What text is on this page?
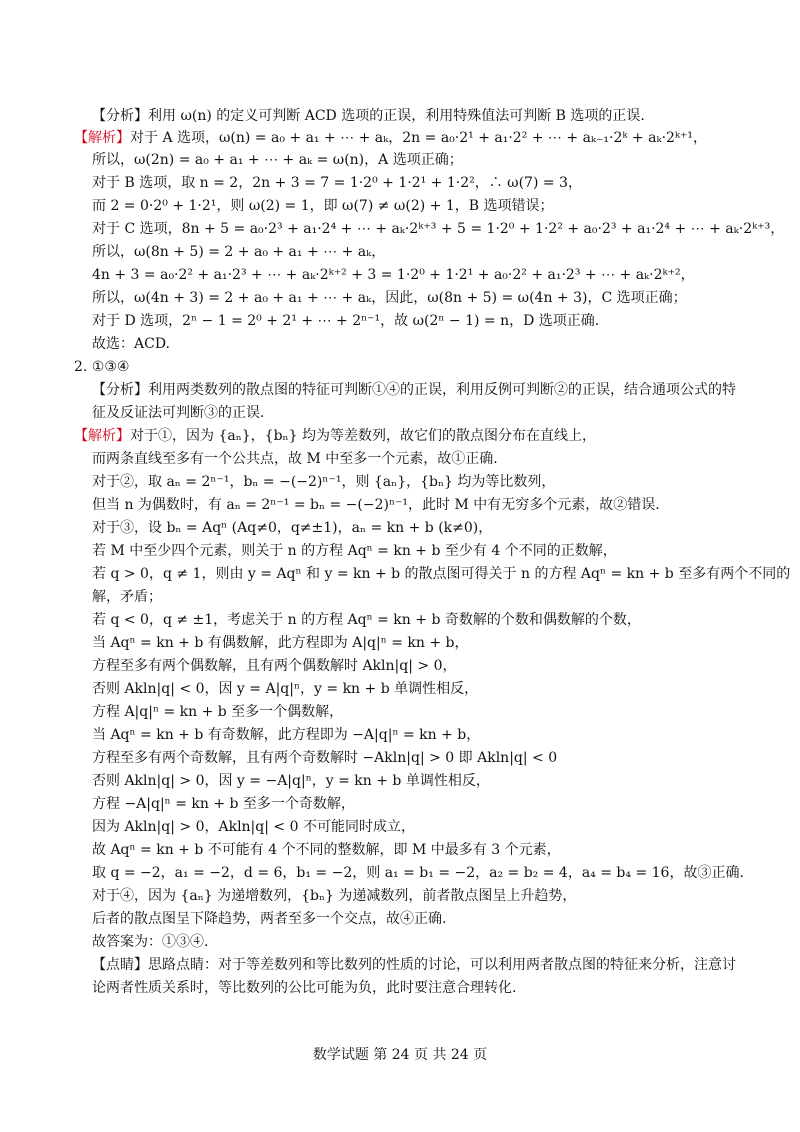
【分析】利用 ω(n) 的定义可判断 ACD 选项的正误，利用特殊值法可判断 B 选项的正误.
【解析】对于 A 选项，ω(n) = a₀ + a₁ + ⋯ + aₖ，2n = a₀·2¹ + a₁·2² + ⋯ + aₖ₋₁·2ᵏ + aₖ·2ᵏ⁺¹，
所以，ω(2n) = a₀ + a₁ + ⋯ + aₖ = ω(n)，A 选项正确；
对于 B 选项，取 n = 2，2n + 3 = 7 = 1·2⁰ + 1·2¹ + 1·2²，∴ ω(7) = 3，
而 2 = 0·2⁰ + 1·2¹，则 ω(2) = 1，即 ω(7) ≠ ω(2) + 1，B 选项错误；
对于 C 选项，8n + 5 = a₀·2³ + a₁·2⁴ + ⋯ + aₖ·2ᵏ⁺³ + 5 = 1·2⁰ + 1·2² + a₀·2³ + a₁·2⁴ + ⋯ + aₖ·2ᵏ⁺³，
所以，ω(8n + 5) = 2 + a₀ + a₁ + ⋯ + aₖ，
4n + 3 = a₀·2² + a₁·2³ + ⋯ + aₖ·2ᵏ⁺² + 3 = 1·2⁰ + 1·2¹ + a₀·2² + a₁·2³ + ⋯ + aₖ·2ᵏ⁺²，
所以，ω(4n + 3) = 2 + a₀ + a₁ + ⋯ + aₖ，因此，ω(8n + 5) = ω(4n + 3)，C 选项正确；
对于 D 选项，2ⁿ − 1 = 2⁰ + 2¹ + ⋯ + 2ⁿ⁻¹，故 ω(2ⁿ − 1) = n，D 选项正确.
故选：ACD.
2. ①③④
【分析】利用两类数列的散点图的特征可判断①④的正误，利用反例可判断②的正误，结合通项公式的特
征及反证法可判断③的正误.
【解析】对于①，因为 {aₙ}，{bₙ} 均为等差数列，故它们的散点图分布在直线上，
而两条直线至多有一个公共点，故 M 中至多一个元素，故①正确.
对于②，取 aₙ = 2ⁿ⁻¹，bₙ = −(−2)ⁿ⁻¹，则 {aₙ}，{bₙ} 均为等比数列，
但当 n 为偶数时，有 aₙ = 2ⁿ⁻¹ = bₙ = −(−2)ⁿ⁻¹，此时 M 中有无穷多个元素，故②错误.
对于③，设 bₙ = Aqⁿ (Aq≠0，q≠±1)，aₙ = kn + b (k≠0)，
若 M 中至少四个元素，则关于 n 的方程 Aqⁿ = kn + b 至少有 4 个不同的正数解，
若 q > 0，q ≠ 1，则由 y = Aqⁿ 和 y = kn + b 的散点图可得关于 n 的方程 Aqⁿ = kn + b 至多有两个不同的
解，矛盾；
若 q < 0，q ≠ ±1，考虑关于 n 的方程 Aqⁿ = kn + b 奇数解的个数和偶数解的个数，
当 Aqⁿ = kn + b 有偶数解，此方程即为 A|q|ⁿ = kn + b，
方程至多有两个偶数解，且有两个偶数解时 Akln|q| > 0，
否则 Akln|q| < 0，因 y = A|q|ⁿ，y = kn + b 单调性相反，
方程 A|q|ⁿ = kn + b 至多一个偶数解，
当 Aqⁿ = kn + b 有奇数解，此方程即为 −A|q|ⁿ = kn + b，
方程至多有两个奇数解，且有两个奇数解时 −Akln|q| > 0 即 Akln|q| < 0
否则 Akln|q| > 0，因 y = −A|q|ⁿ，y = kn + b 单调性相反，
方程 −A|q|ⁿ = kn + b 至多一个奇数解，
因为 Akln|q| > 0，Akln|q| < 0 不可能同时成立，
故 Aqⁿ = kn + b 不可能有 4 个不同的整数解，即 M 中最多有 3 个元素，
取 q = −2，a₁ = −2，d = 6，b₁ = −2，则 a₁ = b₁ = −2，a₂ = b₂ = 4，a₄ = b₄ = 16，故③正确.
对于④，因为 {aₙ} 为递增数列，{bₙ} 为递减数列，前者散点图呈上升趋势，
后者的散点图呈下降趋势，两者至多一个交点，故④正确.
故答案为：①③④.
【点睛】思路点睛：对于等差数列和等比数列的性质的讨论，可以利用两者散点图的特征来分析，注意讨
论两者性质关系时，等比数列的公比可能为负，此时要注意合理转化.
数学试题 第 24 页 共 24 页
